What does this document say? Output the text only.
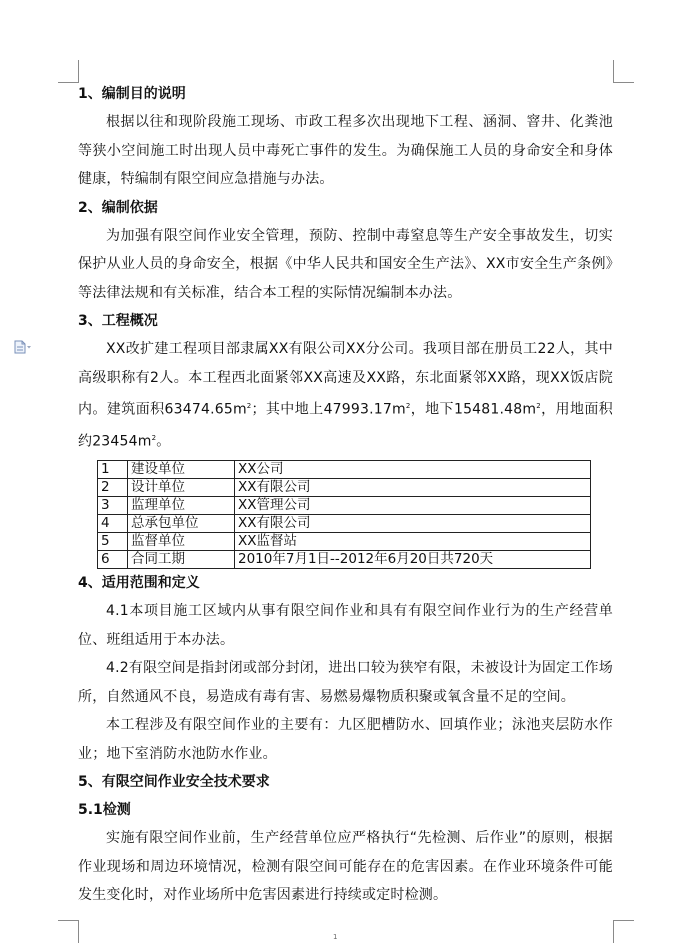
1、编制目的说明

根据以往和现阶段施工现场、市政工程多次出现地下工程、涵洞、窨井、化粪池等狭小空间施工时出现人员中毒死亡事件的发生。为确保施工人员的身命安全和身体健康，特编制有限空间应急措施与办法。

2、编制依据

为加强有限空间作业安全管理，预防、控制中毒窒息等生产安全事故发生，切实保护从业人员的身命安全，根据《中华人民共和国安全生产法》、XX市安全生产条例》等法律法规和有关标准，结合本工程的实际情况编制本办法。

3、工程概况

XX改扩建工程项目部隶属XX有限公司XX分公司。我项目部在册员工22人，其中高级职称有2人。本工程西北面紧邻XX高速及XX路，东北面紧邻XX路，现XX饭店院内。建筑面积$63474.65m^2$；其中地上$47993.17m^2$，地下$15481.48m^2$，用地面积约$23454m^2$。

1	建设单位	XX公司
2	设计单位	XX有限公司
3	监理单位	XX管理公司
4	总承包单位	XX有限公司
5	监督单位	XX监督站
6	合同工期	2010年7月1日--2012年6月20日共720天

4、适用范围和定义

4.1本项目施工区域内从事有限空间作业和具有有限空间作业行为的生产经营单位、班组适用于本办法。

4.2有限空间是指封闭或部分封闭，进出口较为狭窄有限，未被设计为固定工作场所，自然通风不良，易造成有毒有害、易燃易爆物质积聚或氧含量不足的空间。

本工程涉及有限空间作业的主要有：九区肥槽防水、回填作业；泳池夹层防水作业；地下室消防水池防水作业。

5、有限空间作业安全技术要求

5.1检测

实施有限空间作业前，生产经营单位应严格执行“先检测、后作业”的原则，根据作业现场和周边环境情况，检测有限空间可能存在的危害因素。在作业环境条件可能发生变化时，对作业场所中危害因素进行持续或定时检测。

1
